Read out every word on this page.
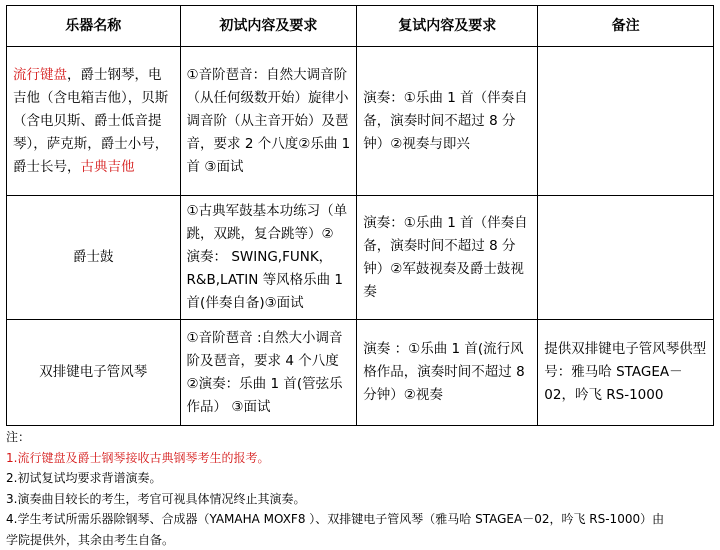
乐器名称	初试内容及要求	复试内容及要求	备注
流行键盘，爵士钢琴，电吉他（含电箱吉他），贝斯（含电贝斯、爵士低音提琴），萨克斯，爵士小号，爵士长号，古典吉他	①音阶琶音：自然大调音阶（从任何级数开始）旋律小调音阶（从主音开始）及琶音，要求 2 个八度②乐曲 1 首 ③面试	演奏：①乐曲 1 首（伴奏自备，演奏时间不超过 8 分钟）②视奏与即兴	
爵士鼓	①古典军鼓基本功练习（单跳，双跳，复合跳等）② 演奏： SWING,FUNK，R&B,LATIN 等风格乐曲 1 首(伴奏自备)③面试	演奏：①乐曲 1 首（伴奏自备，演奏时间不超过 8 分钟）②军鼓视奏及爵士鼓视奏	
双排键电子管风琴	①音阶琶音 :自然大小调音阶及琶音，要求 4 个八度 ②演奏：乐曲 1 首(管弦乐作品） ③面试	演奏 ：①乐曲 1 首(流行风格作品，演奏时间不超过 8 分钟）②视奏	提供双排键电子管风琴供型号：雅马哈 STAGEA－02，吟飞 RS-1000
注：
1.流行键盘及爵士钢琴接收古典钢琴考生的报考。
2.初试复试均要求背谱演奏。
3.演奏曲目较长的考生，考官可视具体情况终止其演奏。
4.学生考试所需乐器除钢琴、合成器（YAMAHA MOXF8 ）、双排键电子管风琴（雅马哈 STAGEA－02，吟飞 RS-1000）由
学院提供外，其余由考生自备。
